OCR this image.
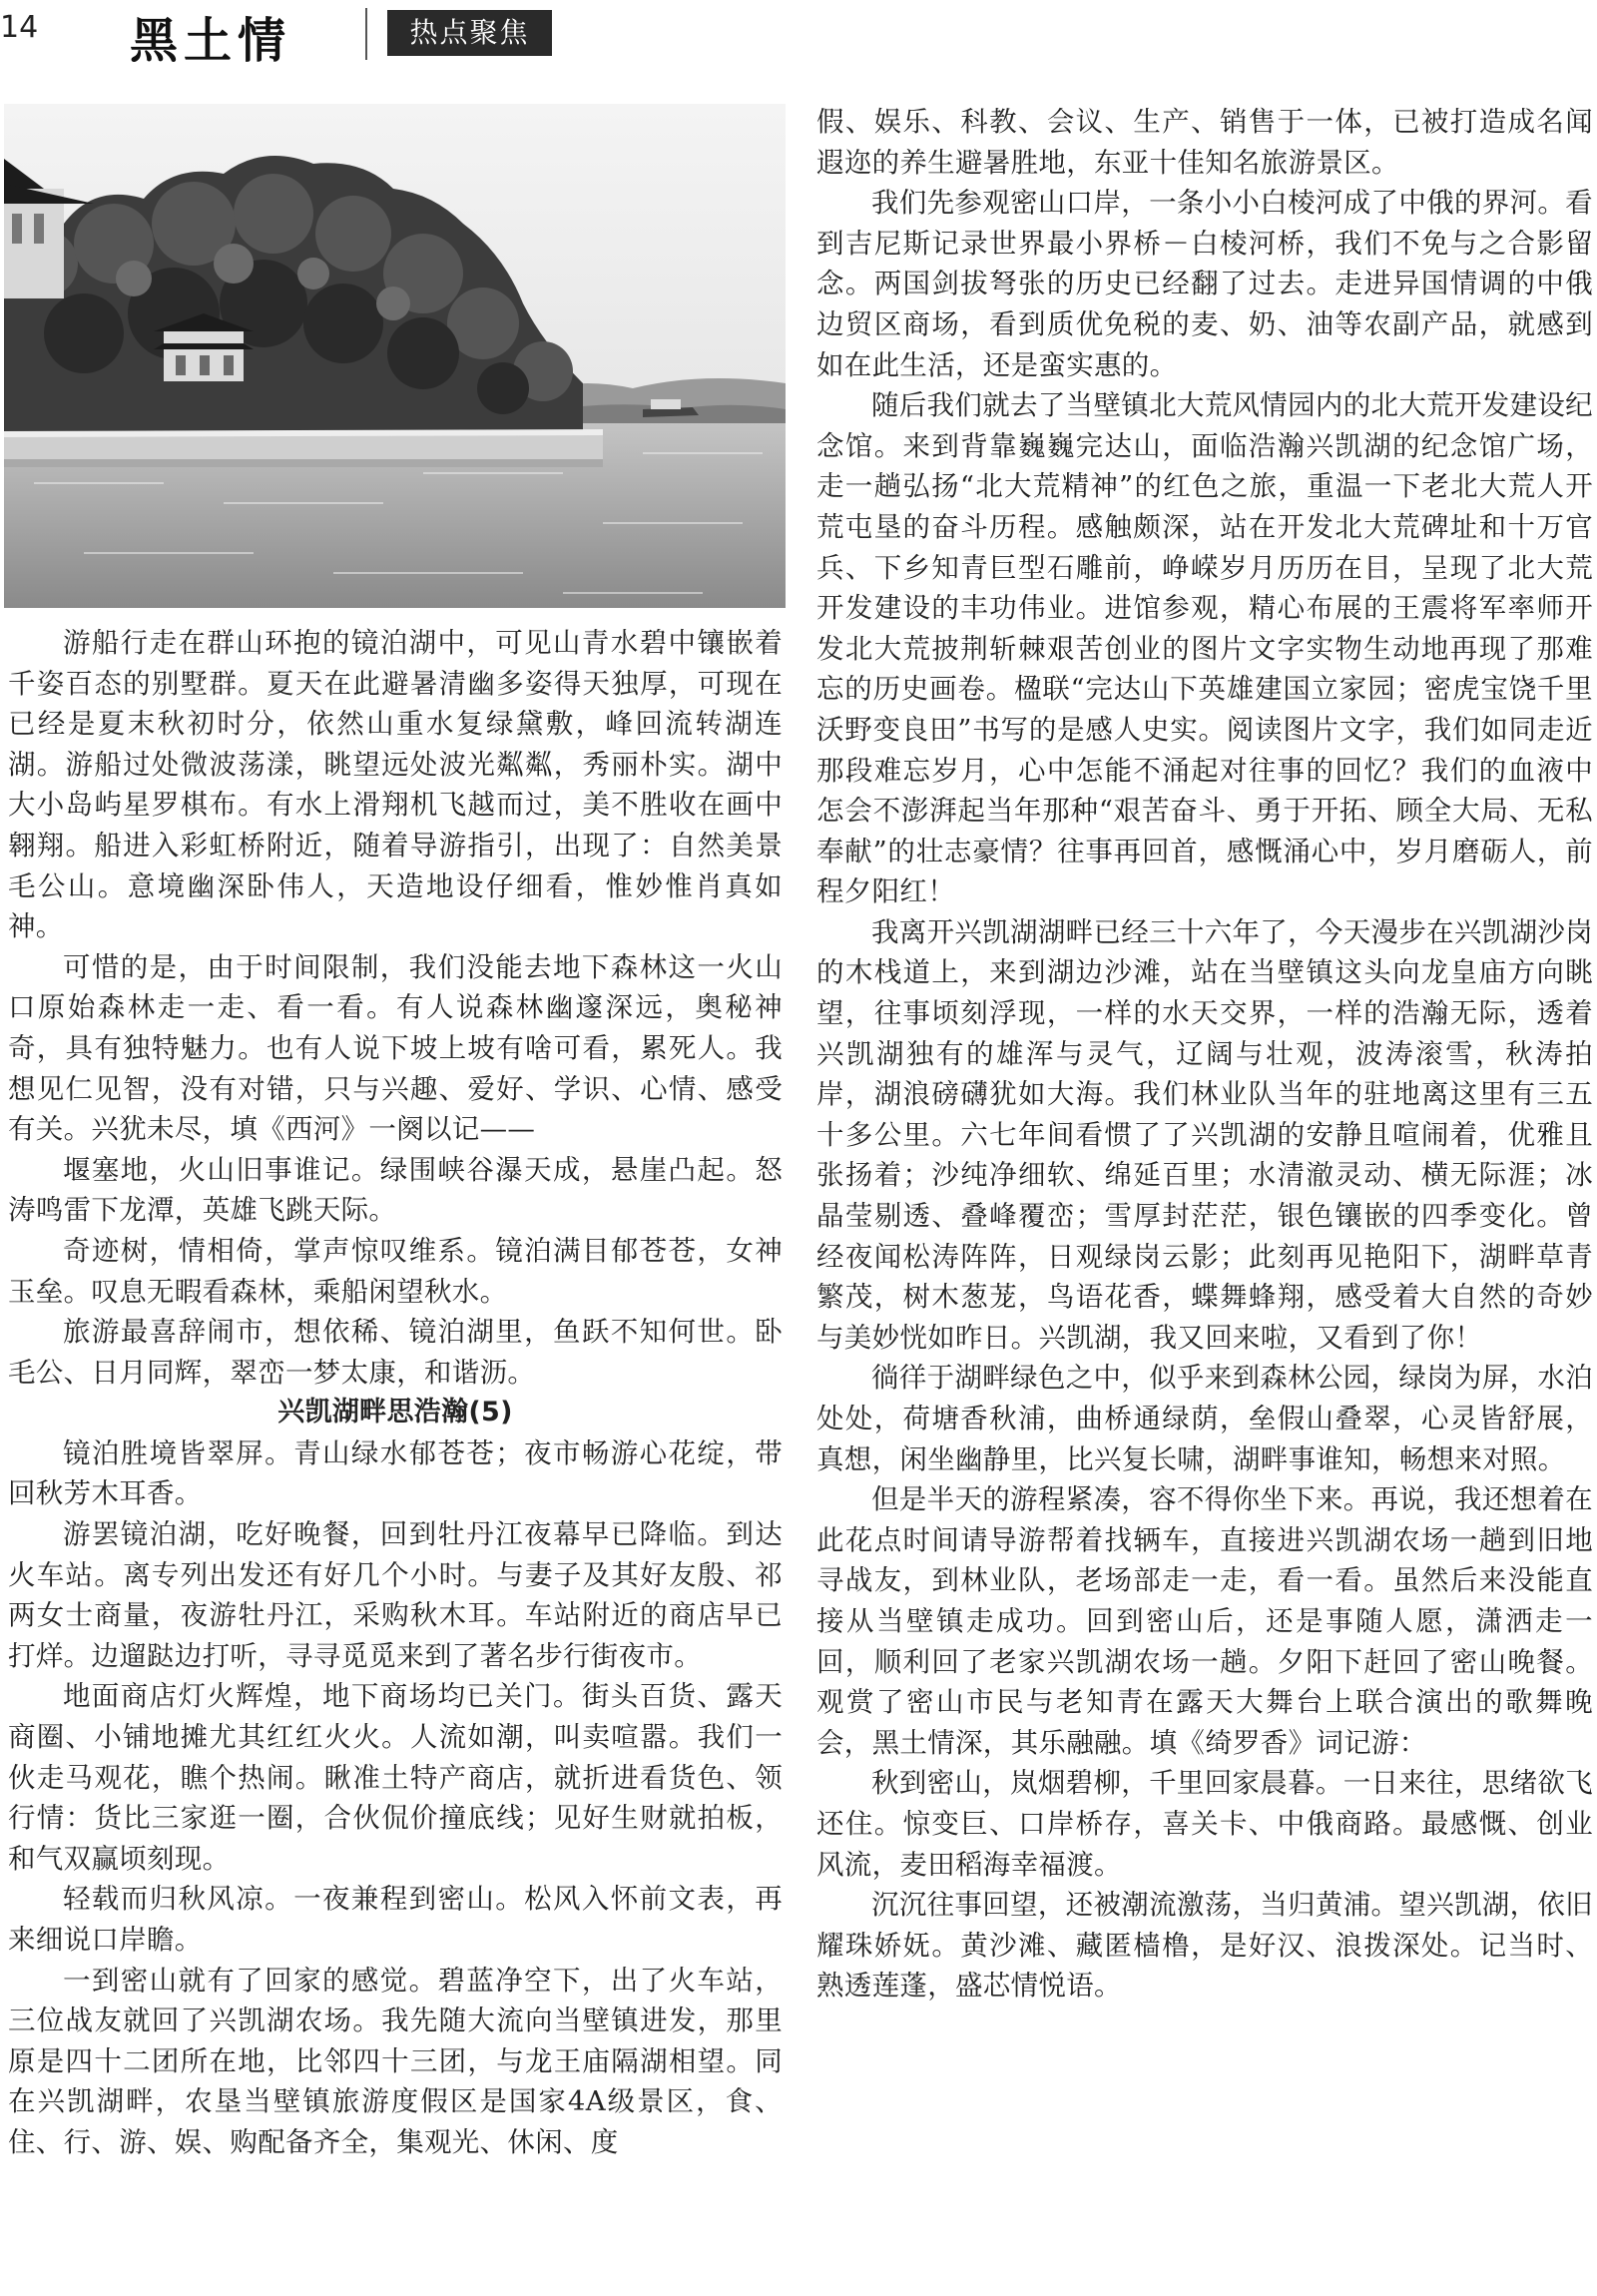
14 黑土情	热点聚焦

游船行走在群山环抱的镜泊湖中，可见山青水碧中镶嵌着千姿百态的别墅群。夏天在此避暑清幽多姿得天独厚，可现在已经是夏末秋初时分，依然山重水复绿黛敷，峰回流转湖连湖。游船过处微波荡漾，眺望远处波光粼粼，秀丽朴实。湖中大小岛屿星罗棋布。有水上滑翔机飞越而过，美不胜收在画中翱翔。船进入彩虹桥附近，随着导游指引，出现了：自然美景毛公山。意境幽深卧伟人，天造地设仔细看，惟妙惟肖真如神。

可惜的是，由于时间限制，我们没能去地下森林这一火山口原始森林走一走、看一看。有人说森林幽邃深远，奥秘神奇，具有独特魅力。也有人说下坡上坡有啥可看，累死人。我想见仁见智，没有对错，只与兴趣、爱好、学识、心情、感受有关。兴犹未尽，填《西河》一阕以记——

堰塞地，火山旧事谁记。绿围峡谷瀑天成，悬崖凸起。怒涛鸣雷下龙潭，英雄飞跳天际。

奇迹树，情相倚，掌声惊叹维系。镜泊满目郁苍苍，女神玉垒。叹息无暇看森林，乘船闲望秋水。

旅游最喜辞闹市，想依稀、镜泊湖里，鱼跃不知何世。卧毛公、日月同辉，翠峦一梦太康，和谐沥。

兴凯湖畔思浩瀚(5)

镜泊胜境皆翠屏。青山绿水郁苍苍；夜市畅游心花绽，带回秋芳木耳香。

游罢镜泊湖，吃好晚餐，回到牡丹江夜幕早已降临。到达火车站。离专列出发还有好几个小时。与妻子及其好友殷、祁两女士商量，夜游牡丹江，采购秋木耳。车站附近的商店早已打烊。边遛跶边打听，寻寻觅觅来到了著名步行街夜市。

地面商店灯火辉煌，地下商场均已关门。街头百货、露天商圈、小铺地摊尤其红红火火。人流如潮，叫卖喧嚣。我们一伙走马观花，瞧个热闹。瞅准土特产商店，就折进看货色、领行情：货比三家逛一圈，合伙侃价撞底线；见好生财就拍板，和气双赢顷刻现。

轻载而归秋风凉。一夜兼程到密山。松风入怀前文表，再来细说口岸瞻。

一到密山就有了回家的感觉。碧蓝净空下，出了火车站，三位战友就回了兴凯湖农场。我先随大流向当壁镇进发，那里原是四十二团所在地，比邻四十三团，与龙王庙隔湖相望。同在兴凯湖畔，农垦当壁镇旅游度假区是国家4A级景区，食、住、行、游、娱、购配备齐全，集观光、休闲、度

假、娱乐、科教、会议、生产、销售于一体，已被打造成名闻遐迩的养生避暑胜地，东亚十佳知名旅游景区。

我们先参观密山口岸，一条小小白棱河成了中俄的界河。看到吉尼斯记录世界最小界桥－白棱河桥，我们不免与之合影留念。两国剑拔弩张的历史已经翻了过去。走进异国情调的中俄边贸区商场，看到质优免税的麦、奶、油等农副产品，就感到如在此生活，还是蛮实惠的。

随后我们就去了当壁镇北大荒风情园内的北大荒开发建设纪念馆。来到背靠巍巍完达山，面临浩瀚兴凯湖的纪念馆广场，走一趟弘扬“北大荒精神”的红色之旅，重温一下老北大荒人开荒屯垦的奋斗历程。感触颇深，站在开发北大荒碑址和十万官兵、下乡知青巨型石雕前，峥嵘岁月历历在目，呈现了北大荒开发建设的丰功伟业。进馆参观，精心布展的王震将军率师开发北大荒披荆斩棘艰苦创业的图片文字实物生动地再现了那难忘的历史画卷。楹联“完达山下英雄建国立家园；密虎宝饶千里沃野变良田”书写的是感人史实。阅读图片文字，我们如同走近那段难忘岁月，心中怎能不涌起对往事的回忆？我们的血液中怎会不澎湃起当年那种“艰苦奋斗、勇于开拓、顾全大局、无私奉献”的壮志豪情？往事再回首，感慨涌心中，岁月磨砺人，前程夕阳红！

我离开兴凯湖湖畔已经三十六年了，今天漫步在兴凯湖沙岗的木栈道上，来到湖边沙滩，站在当壁镇这头向龙皇庙方向眺望，往事顷刻浮现，一样的水天交界，一样的浩瀚无际，透着兴凯湖独有的雄浑与灵气，辽阔与壮观，波涛滚雪，秋涛拍岸，湖浪磅礴犹如大海。我们林业队当年的驻地离这里有三五十多公里。六七年间看惯了了兴凯湖的安静且喧闹着，优雅且张扬着；沙纯净细软、绵延百里；水清澈灵动、横无际涯；冰晶莹剔透、叠峰覆峦；雪厚封茫茫，银色镶嵌的四季变化。曾经夜闻松涛阵阵，日观绿岗云影；此刻再见艳阳下，湖畔草青繁茂，树木葱茏，鸟语花香，蝶舞蜂翔，感受着大自然的奇妙与美妙恍如昨日。兴凯湖，我又回来啦，又看到了你！

徜徉于湖畔绿色之中，似乎来到森林公园，绿岗为屏，水泊处处，荷塘香秋浦，曲桥通绿荫，垒假山叠翠，心灵皆舒展，真想，闲坐幽静里，比兴复长啸，湖畔事谁知，畅想来对照。

但是半天的游程紧凑，容不得你坐下来。再说，我还想着在此花点时间请导游帮着找辆车，直接进兴凯湖农场一趟到旧地寻战友，到林业队，老场部走一走，看一看。虽然后来没能直接从当壁镇走成功。回到密山后，还是事随人愿，潇洒走一回，顺利回了老家兴凯湖农场一趟。夕阳下赶回了密山晚餐。观赏了密山市民与老知青在露天大舞台上联合演出的歌舞晚会，黑土情深，其乐融融。填《绮罗香》词记游：

秋到密山，岚烟碧柳，千里回家晨暮。一日来往，思绪欲飞还住。惊变巨、口岸桥存，喜关卡、中俄商路。最感慨、创业风流，麦田稻海幸福渡。

沉沉往事回望，还被潮流激荡，当归黄浦。望兴凯湖，依旧耀珠娇妩。黄沙滩、藏匿樯橹，是好汉、浪拨深处。记当时、熟透莲蓬，盛芯情悦语。
